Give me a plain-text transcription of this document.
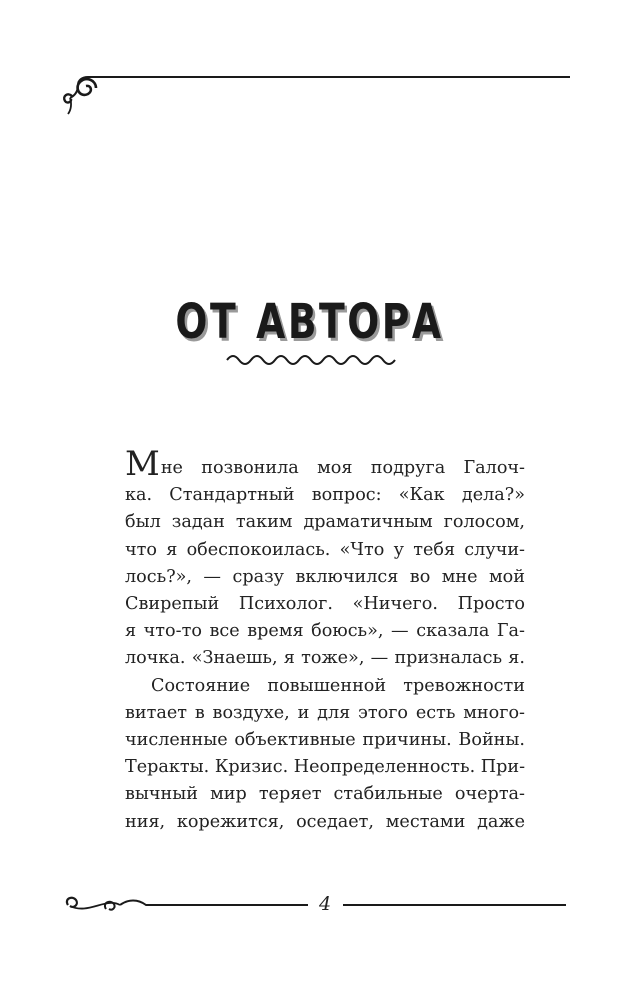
ОТ АВТОРА

Мне позвонила моя подруга Галоч-
ка. Стандартный вопрос: «Как дела?»
был задан таким драматичным голосом,
что я обеспокоилась. «Что у тебя случи-
лось?», — сразу включился во мне мой
Свирепый Психолог. «Ничего. Просто
я что-то все время боюсь», — сказала Га-
лочка. «Знаешь, я тоже», — призналась я.

Состояние повышенной тревожности
витает в воздухе, и для этого есть много-
численные объективные причины. Войны.
Теракты. Кризис. Неопределенность. При-
вычный мир теряет стабильные очерта-
ния, корежится, оседает, местами даже

4
